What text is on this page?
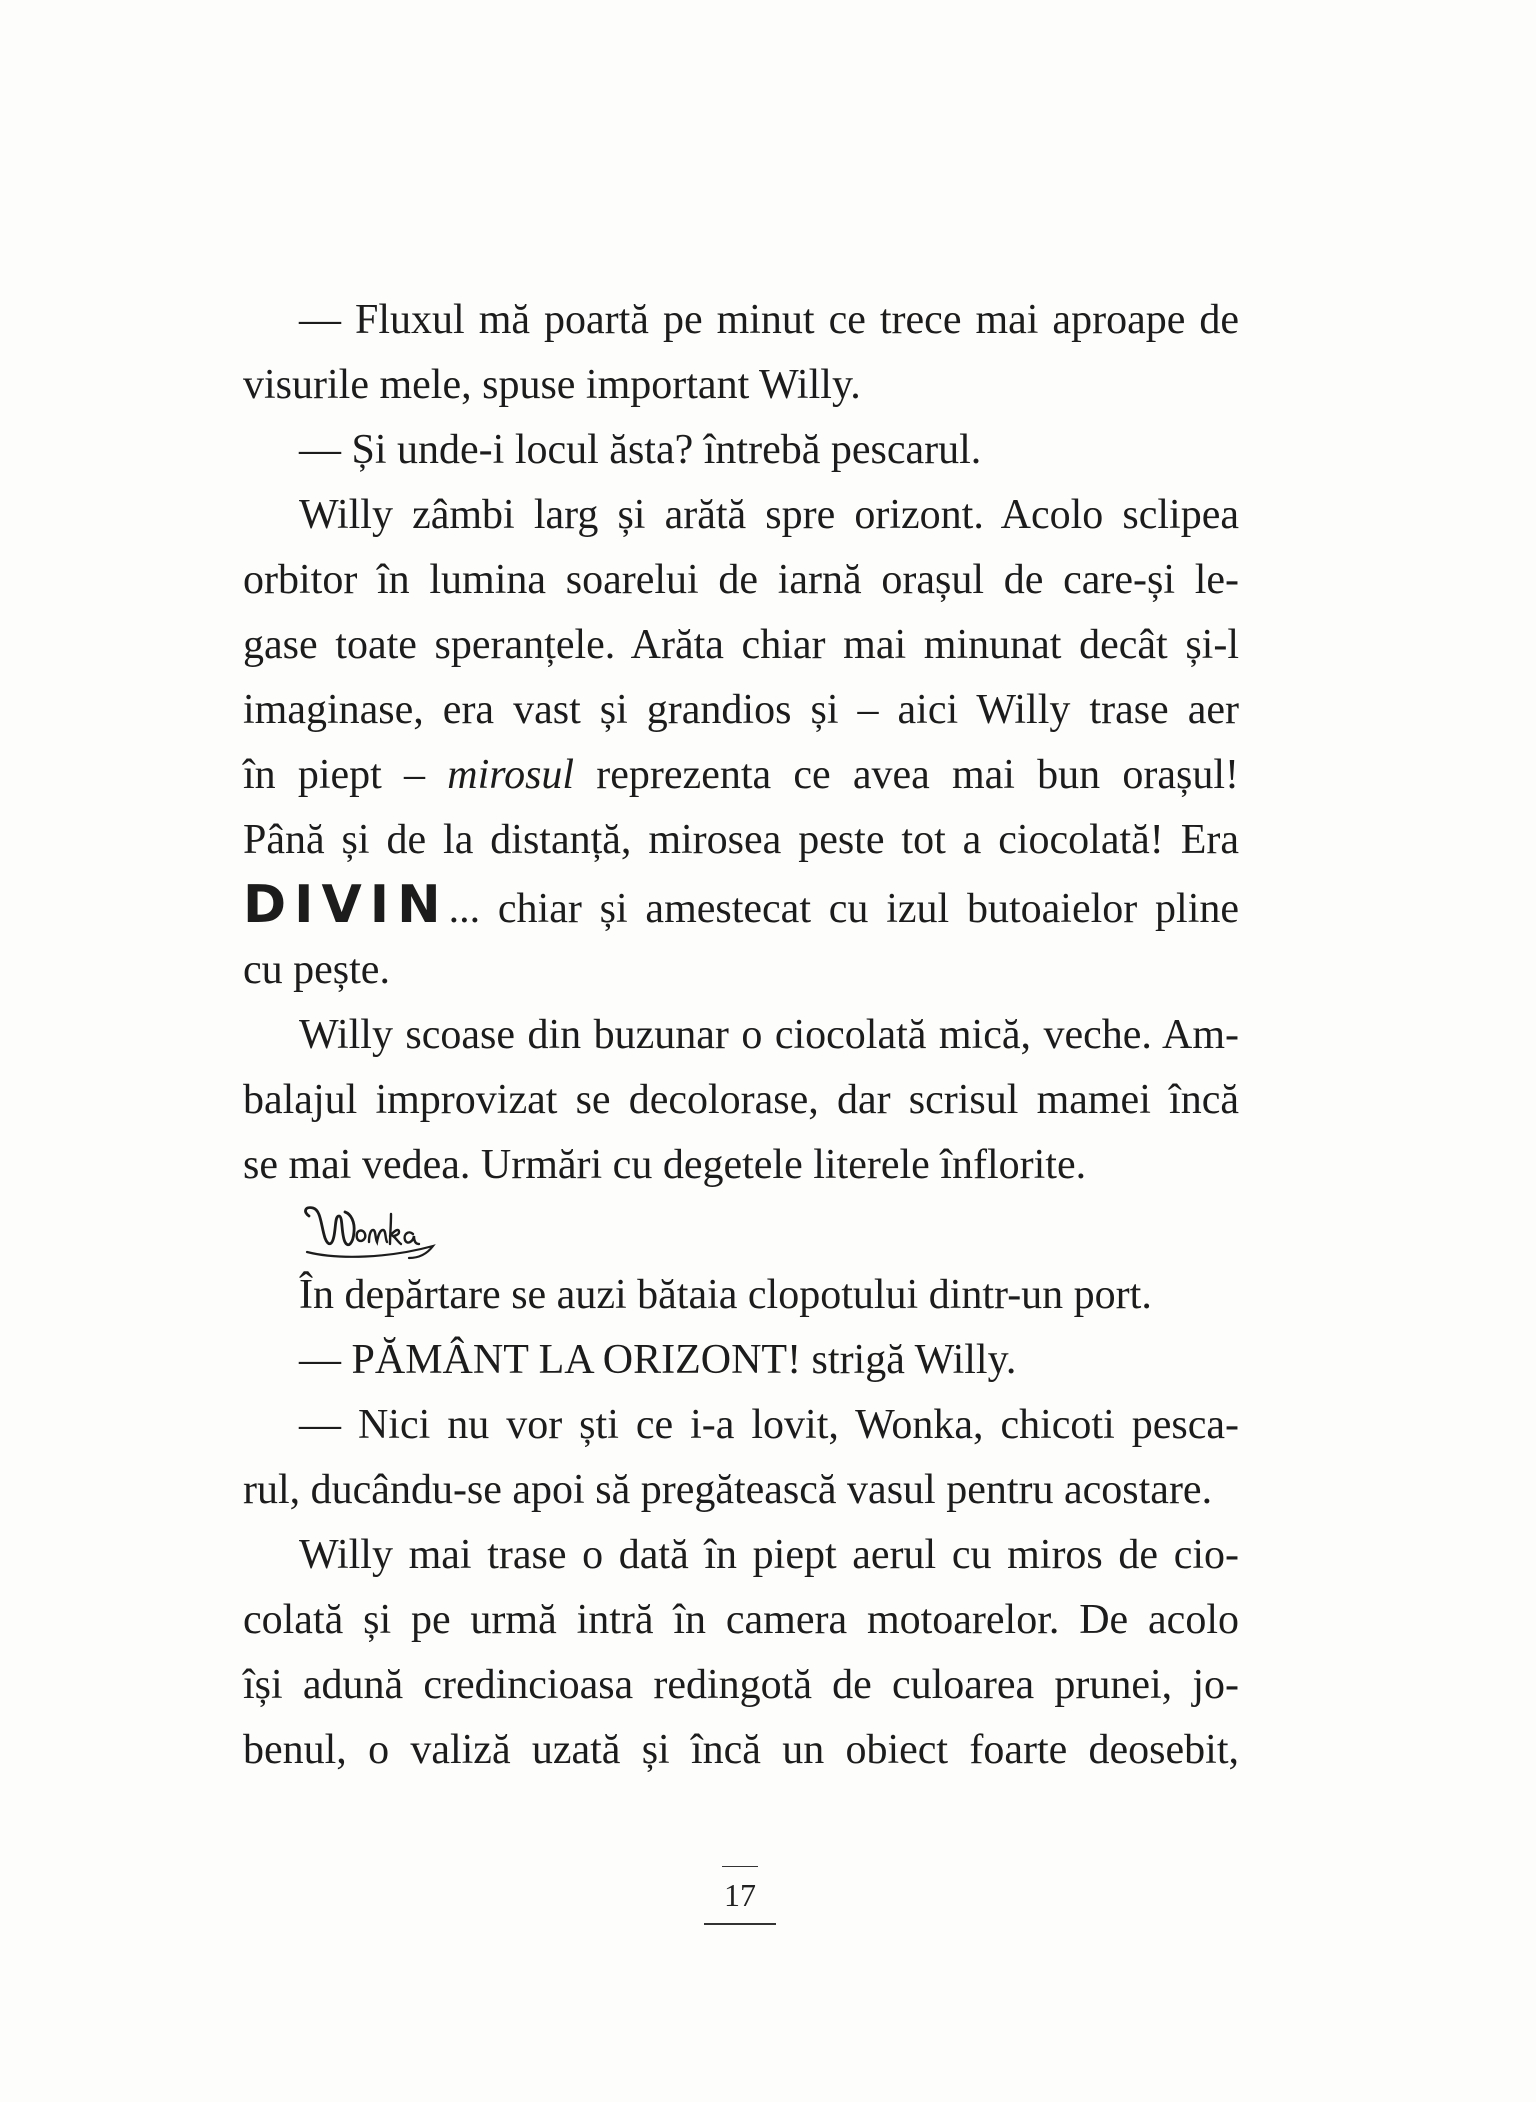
— Fluxul mă poartă pe minut ce trece mai aproape de
visurile mele, spuse important Willy.
— Și unde-i locul ăsta? întrebă pescarul.
Willy zâmbi larg și arătă spre orizont. Acolo sclipea
orbitor în lumina soarelui de iarnă orașul de care-și le-
gase toate speranțele. Arăta chiar mai minunat decât și-l
imaginase, era vast și grandios și – aici Willy trase aer
în piept – mirosul reprezenta ce avea mai bun orașul!
Până și de la distanță, mirosea peste tot a ciocolată! Era
DIVIN... chiar și amestecat cu izul butoaielor pline
cu pește.
Willy scoase din buzunar o ciocolată mică, veche. Am-
balajul improvizat se decolorase, dar scrisul mamei încă
se mai vedea. Urmări cu degetele literele înflorite.
În depărtare se auzi bătaia clopotului dintr-un port.
— PĂMÂNT LA ORIZONT! strigă Willy.
— Nici nu vor ști ce i-a lovit, Wonka, chicoti pesca-
rul, ducându-se apoi să pregătească vasul pentru acostare.
Willy mai trase o dată în piept aerul cu miros de cio-
colată și pe urmă intră în camera motoarelor. De acolo
își adună credincioasa redingotă de culoarea prunei, jo-
benul, o valiză uzată și încă un obiect foarte deosebit,
17
